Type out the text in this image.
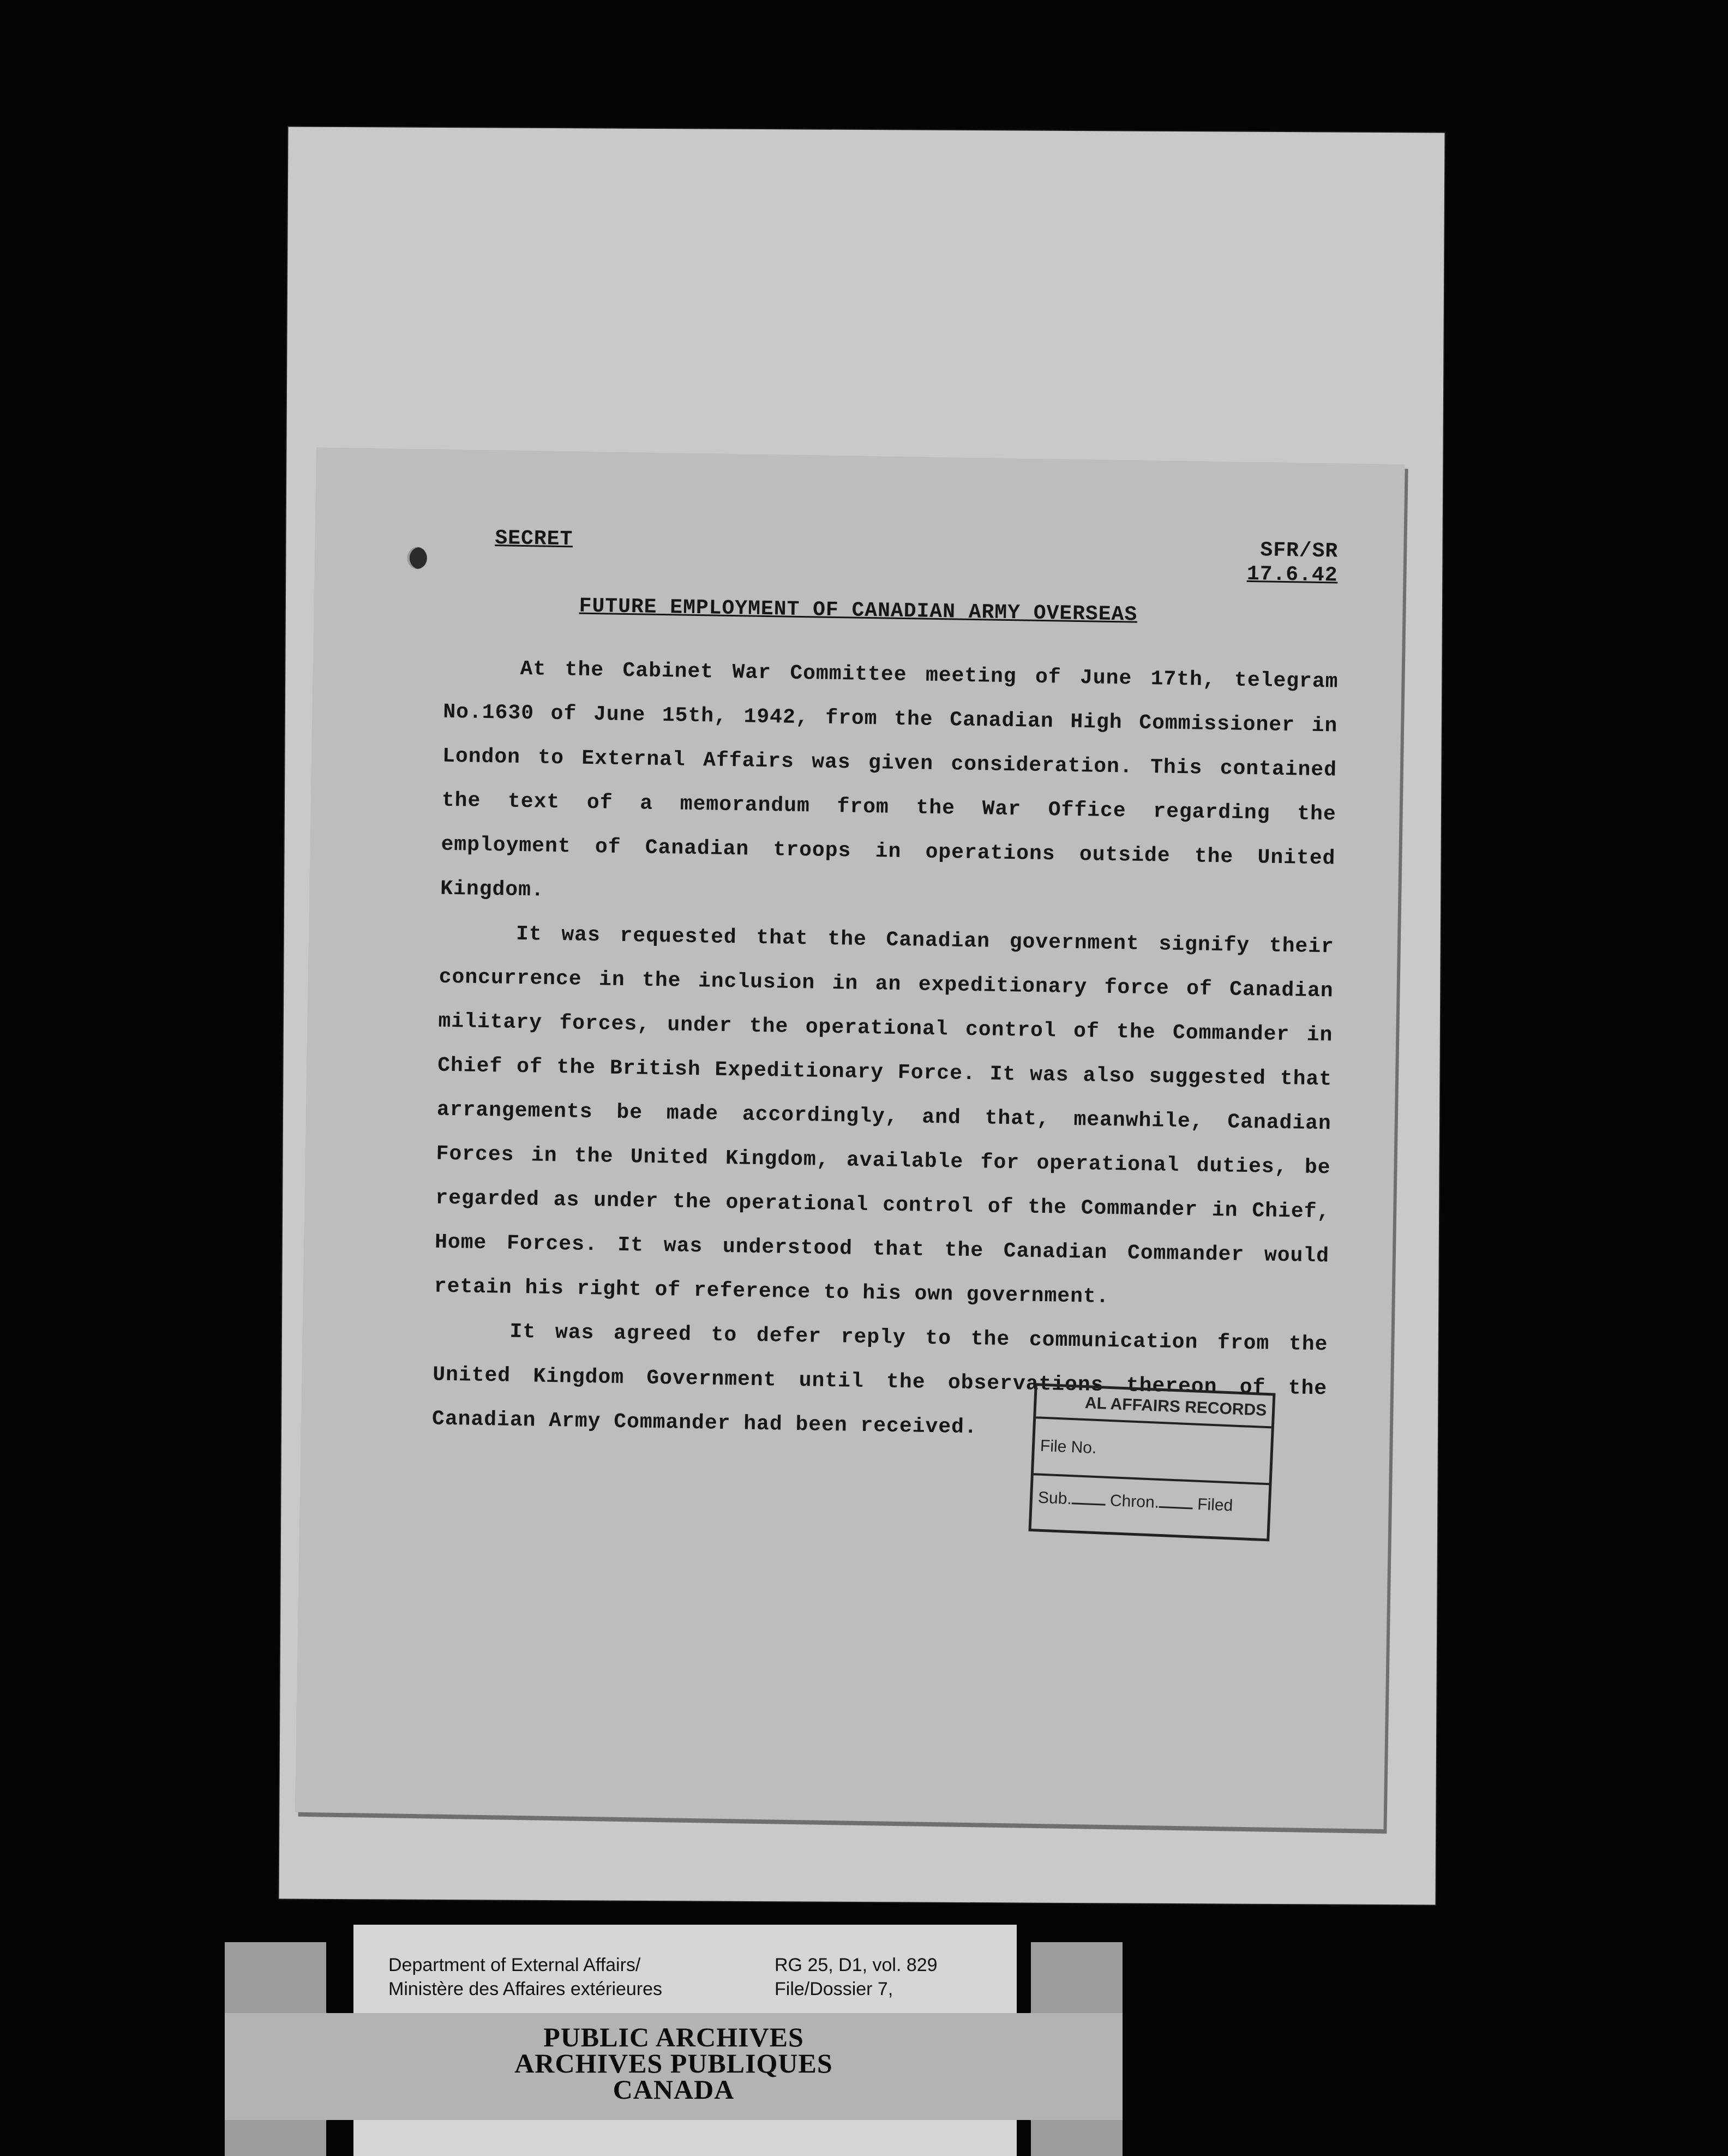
SECRET	SFR/SR
17.6.42
FUTURE EMPLOYMENT OF CANADIAN ARMY OVERSEAS

At the Cabinet War Committee meeting of June 17th, telegram No.1630 of June 15th, 1942, from the Canadian High Commissioner in London to External Affairs was given consideration. This contained the text of a memorandum from the War Office regarding the employment of Canadian troops in operations outside the United Kingdom.

It was requested that the Canadian government signify their concurrence in the inclusion in an expeditionary force of Canadian military forces, under the operational control of the Commander in Chief of the British Expeditionary Force. It was also suggested that arrangements be made accordingly, and that, meanwhile, Canadian Forces in the United Kingdom, available for operational duties, be regarded as under the operational control of the Commander in Chief, Home Forces. It was understood that the Canadian Commander would retain his right of reference to his own government.

It was agreed to defer reply to the communication from the United Kingdom Government until the observations thereon of the Canadian Army Commander had been received.

AL AFFAIRS RECORDS
File No.
Sub. Chron. Filed
Department of External Affairs/
Ministère des Affaires extérieures
RG 25, D1, vol. 829
File/Dossier 7,
PUBLIC ARCHIVES
ARCHIVES PUBLIQUES
CANADA
